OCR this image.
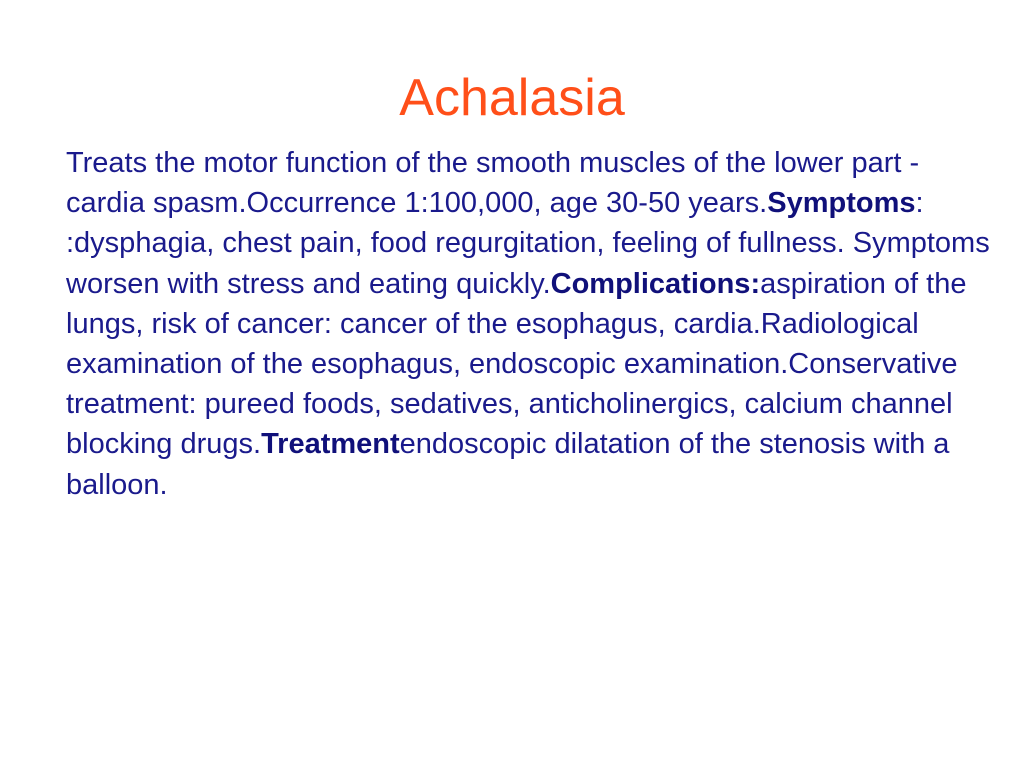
Achalasia

Treats the motor function of the smooth muscles of the lower part - cardia spasm.Occurrence 1:100,000, age 30-50 years.Symptoms: :dysphagia, chest pain, food regurgitation, feeling of fullness. Symptoms worsen with stress and eating quickly.Complications:aspiration of the lungs, risk of cancer: cancer of the esophagus, cardia.Radiological examination of the esophagus, endoscopic examination.Conservative treatment: pureed foods, sedatives, anticholinergics, calcium channel blocking drugs.Treatmentendoscopic dilatation of the stenosis with a balloon.
